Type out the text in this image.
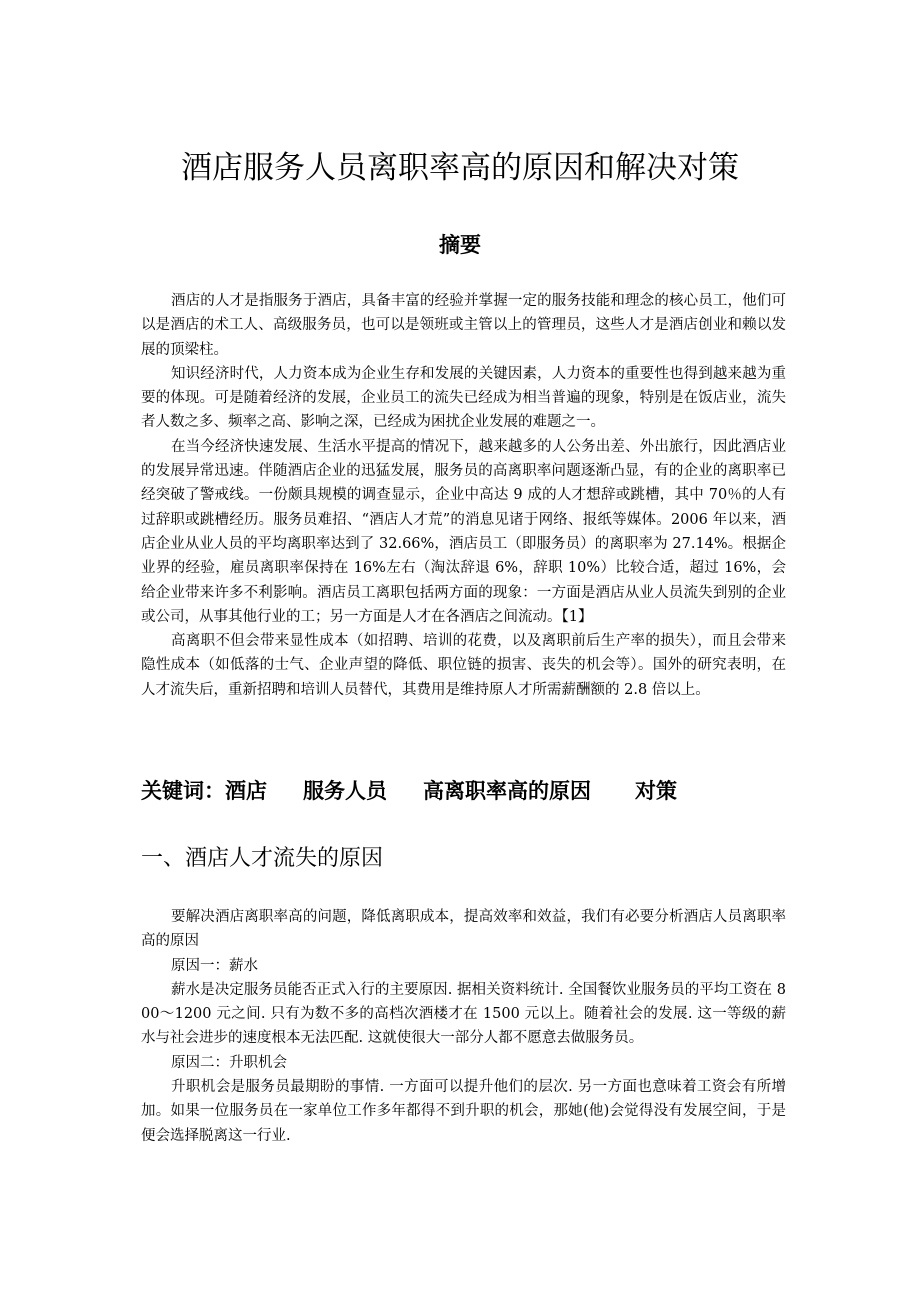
酒店服务人员离职率高的原因和解决对策
摘要

酒店的人才是指服务于酒店，具备丰富的经验并掌握一定的服务技能和理念的核心员工，他们可以是酒店的术工人、高级服务员，也可以是领班或主管以上的管理员，这些人才是酒店创业和赖以发展的顶梁柱。

知识经济时代，人力资本成为企业生存和发展的关键因素，人力资本的重要性也得到越来越为重要的体现。可是随着经济的发展，企业员工的流失已经成为相当普遍的现象，特别是在饭店业，流失者人数之多、频率之高、影响之深，已经成为困扰企业发展的难题之一。

在当今经济快速发展、生活水平提高的情况下，越来越多的人公务出差、外出旅行，因此酒店业的发展异常迅速。伴随酒店企业的迅猛发展，服务员的高离职率问题逐渐凸显，有的企业的离职率已经突破了警戒线。一份颇具规模的调查显示，企业中高达 9 成的人才想辞或跳槽，其中 70％的人有过辞职或跳槽经历。服务员难招、“酒店人才荒”的消息见诸于网络、报纸等媒体。2006 年以来，酒店企业从业人员的平均离职率达到了 32.66%，酒店员工（即服务员）的离职率为 27.14%。根据企业界的经验，雇员离职率保持在 16%左右（淘汰辞退 6%，辞职 10%）比较合适，超过 16%，会给企业带来许多不利影响。酒店员工离职包括两方面的现象：一方面是酒店从业人员流失到别的企业或公司，从事其他行业的工；另一方面是人才在各酒店之间流动。【1】

高离职不但会带来显性成本（如招聘、培训的花费，以及离职前后生产率的损失），而且会带来隐性成本（如低落的士气、企业声望的降低、职位链的损害、丧失的机会等）。国外的研究表明，在人才流失后，重新招聘和培训人员替代，其费用是维持原人才所需薪酬额的 2.8 倍以上。

关键词：酒店 服务人员 高离职率高的原因 对策

一、酒店人才流失的原因

要解决酒店离职率高的问题，降低离职成本，提高效率和效益，我们有必要分析酒店人员离职率高的原因

原因一：薪水

薪水是决定服务员能否正式入行的主要原因. 据相关资料统计. 全国餐饮业服务员的平均工资在 800～1200 元之间. 只有为数不多的高档次酒楼才在 1500 元以上。随着社会的发展. 这一等级的薪水与社会进步的速度根本无法匹配. 这就使很大一部分人都不愿意去做服务员。

原因二：升职机会

升职机会是服务员最期盼的事情. 一方面可以提升他们的层次. 另一方面也意味着工资会有所增加。如果一位服务员在一家单位工作多年都得不到升职的机会，那她(他)会觉得没有发展空间，于是便会选择脱离这一行业.
